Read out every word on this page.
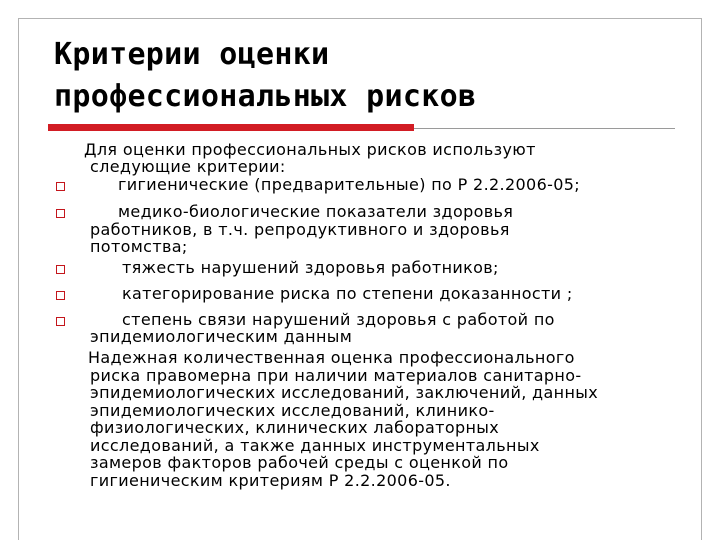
Критерии оценки
профессиональных рисков
Для оценки профессиональных рисков используют
следующие критерии:
гигиенические (предварительные) по Р 2.2.2006-05;
медико-биологические показатели здоровья
работников, в т.ч. репродуктивного и здоровья
потомства;
тяжесть нарушений здоровья работников;
категорирование риска по степени доказанности ;
степень связи нарушений здоровья с работой по
эпидемиологическим данным
Надежная количественная оценка профессионального
риска правомерна при наличии материалов санитарно-
эпидемиологических исследований, заключений, данных
эпидемиологических исследований, клинико-
физиологических, клинических лабораторных
исследований, а также данных инструментальных
замеров факторов рабочей среды с оценкой по
гигиеническим критериям Р 2.2.2006-05.
